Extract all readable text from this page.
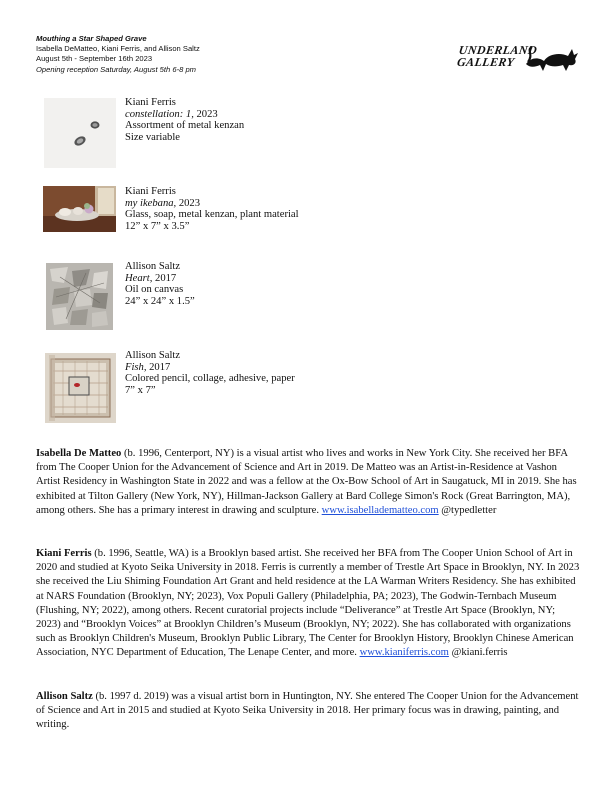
Mouthing a Star Shaped Grave
Isabella DeMatteo, Kiani Ferris, and Allison Saltz
August 5th - September 16th 2023
Opening reception Saturday, August 5th 6-8 pm
UNDERLAND
GALLERY
Kiani Ferris
constellation: 1, 2023
Assortment of metal kenzan
Size variable
Kiani Ferris
my ikebana, 2023
Glass, soap, metal kenzan, plant material
12” x 7” x 3.5”
Allison Saltz
Heart, 2017
Oil on canvas
24” x 24” x 1.5”
Allison Saltz
Fish, 2017
Colored pencil, collage, adhesive, paper
7” x 7”

Isabella De Matteo (b. 1996, Centerport, NY) is a visual artist who lives and works in New York City. She received her BFA from The Cooper Union for the Advancement of Science and Art in 2019. De Matteo was an Artist-in-Residence at Vashon Artist Residency in Washington State in 2022 and was a fellow at the Ox-Bow School of Art in Saugatuck, MI in 2019. She has exhibited at Tilton Gallery (New York, NY), Hillman-Jackson Gallery at Bard College Simon's Rock (Great Barrington, MA), among others. She has a primary interest in drawing and sculpture. www.isabelladematteo.com @typedletter

Kiani Ferris (b. 1996, Seattle, WA) is a Brooklyn based artist. She received her BFA from The Cooper Union School of Art in 2020 and studied at Kyoto Seika University in 2018. Ferris is currently a member of Trestle Art Space in Brooklyn, NY. In 2023 she received the Liu Shiming Foundation Art Grant and held residence at the LA Warman Writers Residency. She has exhibited at NARS Foundation (Brooklyn, NY; 2023), Vox Populi Gallery (Philadelphia, PA; 2023), The Godwin-Ternbach Museum (Flushing, NY; 2022), among others. Recent curatorial projects include “Deliverance” at Trestle Art Space (Brooklyn, NY; 2023) and “Brooklyn Voices” at Brooklyn Children’s Museum (Brooklyn, NY; 2022). She has collaborated with organizations such as Brooklyn Children's Museum, Brooklyn Public Library, The Center for Brooklyn History, Brooklyn Chinese American Association, NYC Department of Education, The Lenape Center, and more. www.kianiferris.com @kiani.ferris

Allison Saltz (b. 1997 d. 2019) was a visual artist born in Huntington, NY. She entered The Cooper Union for the Advancement of Science and Art in 2015 and studied at Kyoto Seika University in 2018. Her primary focus was in drawing, painting, and writing.
